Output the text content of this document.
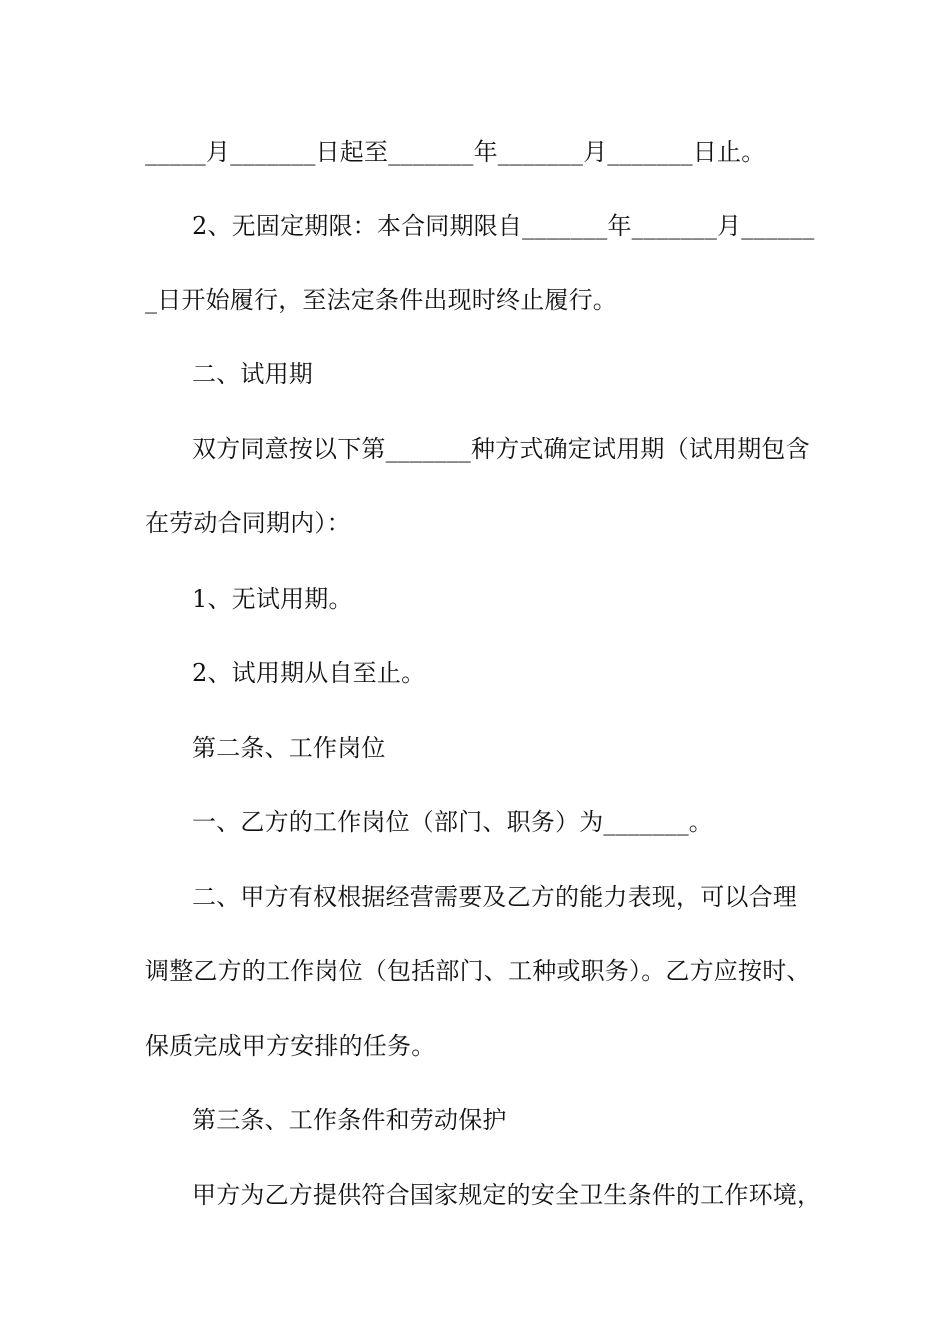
_____月_______日起至_______年_______月_______日止。
2、无固定期限：本合同期限自_______年_______月______
_日开始履行，至法定条件出现时终止履行。
二、试用期
双方同意按以下第_______种方式确定试用期（试用期包含
在劳动合同期内）：
1、无试用期。
2、试用期从自至止。
第二条、工作岗位
一、乙方的工作岗位（部门、职务）为_______。
二、甲方有权根据经营需要及乙方的能力表现，可以合理
调整乙方的工作岗位（包括部门、工种或职务）。乙方应按时、
保质完成甲方安排的任务。
第三条、工作条件和劳动保护
甲方为乙方提供符合国家规定的安全卫生条件的工作环境，
